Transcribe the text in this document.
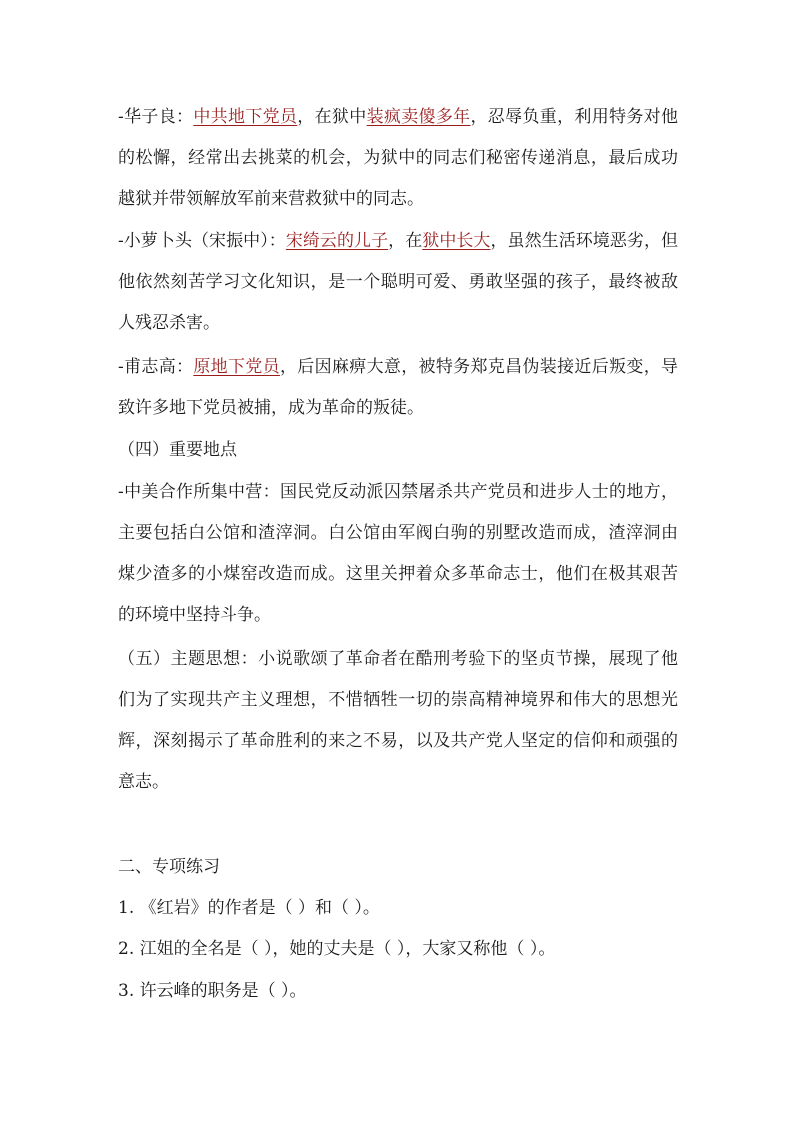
-华子良：中共地下党员，在狱中装疯卖傻多年，忍辱负重，利用特务对他的松懈，经常出去挑菜的机会，为狱中的同志们秘密传递消息，最后成功越狱并带领解放军前来营救狱中的同志。
-小萝卜头（宋振中）：宋绮云的儿子，在狱中长大，虽然生活环境恶劣，但他依然刻苦学习文化知识，是一个聪明可爱、勇敢坚强的孩子，最终被敌人残忍杀害。
-甫志高：原地下党员，后因麻痹大意，被特务郑克昌伪装接近后叛变，导致许多地下党员被捕，成为革命的叛徒。
（四）重要地点
-中美合作所集中营：国民党反动派囚禁屠杀共产党员和进步人士的地方，主要包括白公馆和渣滓洞。白公馆由军阀白驹的别墅改造而成，渣滓洞由煤少渣多的小煤窑改造而成。这里关押着众多革命志士，他们在极其艰苦的环境中坚持斗争。
（五）主题思想：小说歌颂了革命者在酷刑考验下的坚贞节操，展现了他们为了实现共产主义理想，不惜牺牲一切的崇高精神境界和伟大的思想光辉，深刻揭示了革命胜利的来之不易，以及共产党人坚定的信仰和顽强的意志。
二、专项练习
1. 《红岩》的作者是（ ）和（ ）。
2. 江姐的全名是（ ），她的丈夫是（ ），大家又称他（ ）。
3. 许云峰的职务是（ ）。
